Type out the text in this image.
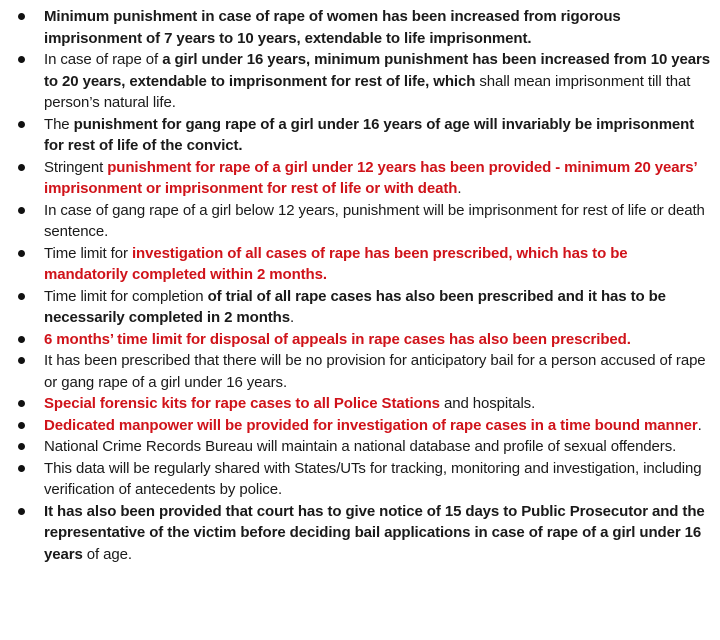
Minimum punishment in case of rape of women has been increased from rigorous imprisonment of 7 years to 10 years, extendable to life imprisonment.
In case of rape of a girl under 16 years, minimum punishment has been increased from 10 years to 20 years, extendable to imprisonment for rest of life, which shall mean imprisonment till that person’s natural life.
The punishment for gang rape of a girl under 16 years of age will invariably be imprisonment for rest of life of the convict.
Stringent punishment for rape of a girl under 12 years has been provided - minimum 20 years’ imprisonment or imprisonment for rest of life or with death.
In case of gang rape of a girl below 12 years, punishment will be imprisonment for rest of life or death sentence.
Time limit for investigation of all cases of rape has been prescribed, which has to be mandatorily completed within 2 months.
Time limit for completion of trial of all rape cases has also been prescribed and it has to be necessarily completed in 2 months.
6 months’ time limit for disposal of appeals in rape cases has also been prescribed.
It has been prescribed that there will be no provision for anticipatory bail for a person accused of rape or gang rape of a girl under 16 years.
Special forensic kits for rape cases to all Police Stations and hospitals.
Dedicated manpower will be provided for investigation of rape cases in a time bound manner.
National Crime Records Bureau will maintain a national database and profile of sexual offenders.
This data will be regularly shared with States/UTs for tracking, monitoring and investigation, including verification of antecedents by police.
It has also been provided that court has to give notice of 15 days to Public Prosecutor and the representative of the victim before deciding bail applications in case of rape of a girl under 16 years of age.
